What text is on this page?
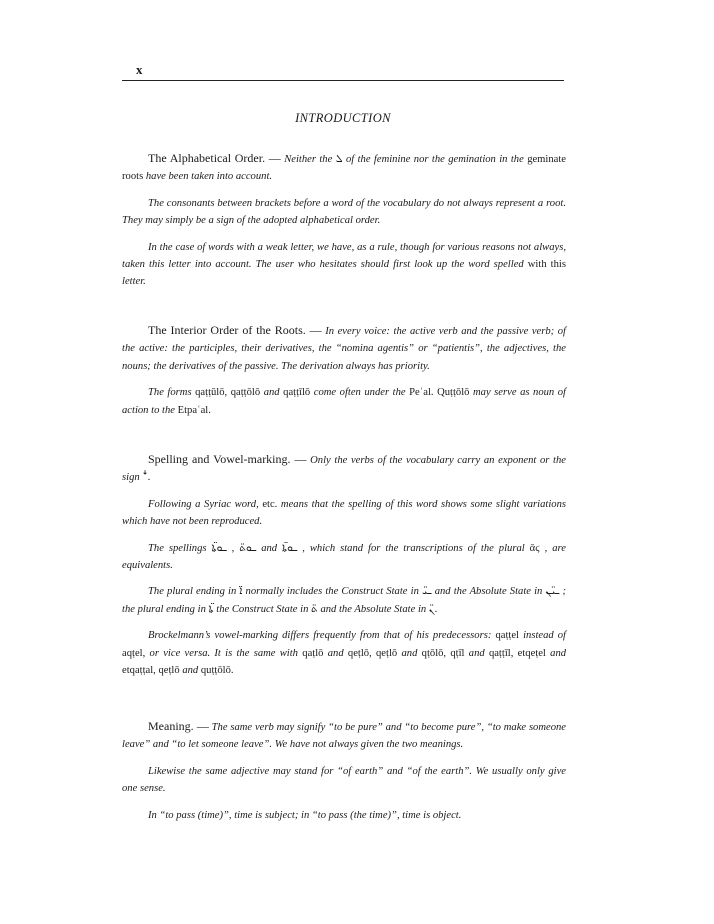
x
INTRODUCTION

The Alphabetical Order. — Neither the ܠ of the feminine nor the gemination in the geminate roots have been taken into account.

The consonants between brackets before a word of the vocabulary do not always represent a root. They may simply be a sign of the adopted alphabetical order.

In the case of words with a weak letter, we have, as a rule, though for various reasons not always, taken this letter into account. The user who hesitates should first look up the word spelled with this letter.

The Interior Order of the Roots. — In every voice: the active verb and the passive verb; of the active: the participles, their derivatives, the “nomina agentis” or “patientis”, the adjectives, the nouns; the derivatives of the passive. The derivation always has priority.

The forms qaṭṭūlō, qaṭṭōlō and qaṭṭīlō come often under the Peʿal. Quṭṭōlō may serve as noun of action to the Etpaʿal.

Spelling and Vowel-marking. — Only the verbs of the vocabulary carry an exponent or the sign ꜜ.

Following a Syriac word, etc. means that the spelling of this word shows some slight variations which have not been reproduced.

The spellings	ـܘܬ̈ , ـܘܬ̈ܐ	and ـܘܬ̈ܐ , which stand for the transcriptions of the plural ᾱϛ , are equivalents.

The plural ending in ܐ̈ normally includes the Construct State in ـ̈ܝ and the Absolute State in ـ̈ܝܢ ; the plural ending in ܬܐ̈ the Construct State in ܬ̈ and the Absolute State in ܢ̈.

Brockelmann’s vowel-marking differs frequently from that of his predecessors: qaṭṭel instead of aqṭel, or vice versa. It is the same with qaṭlō and qeṭlō, qeṭlō and qṭōlō, qṭīl and qaṭṭīl, etqeṭel and etqaṭṭal, qeṭlō and quṭṭōlō.

Meaning. — The same verb may signify “to be pure” and “to become pure”, “to make someone leave” and “to let someone leave”. We have not always given the two meanings.

Likewise the same adjective may stand for “of earth” and “of the earth”. We usually only give one sense.

In “to pass (time)”, time is subject; in “to pass (the time)”, time is object.
